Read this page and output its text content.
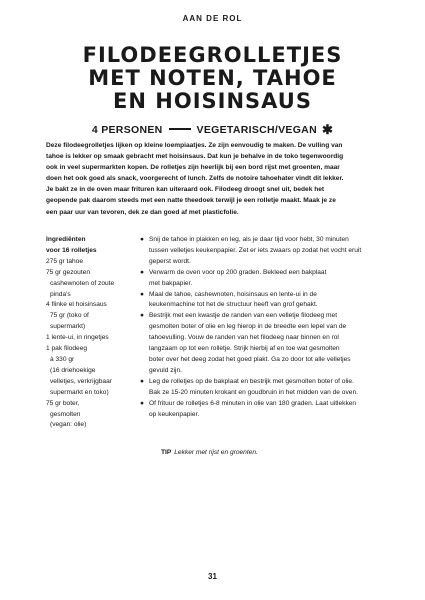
AAN DE ROL
FILODEEGROLLETJES
MET NOTEN, TAHOE
EN HOISINSAUS
4 PERSONEN	VEGETARISCH/VEGAN ✱
Deze filodeegrolletjes lijken op kleine loempiaatjes. Ze zijn eenvoudig te maken. De vulling van
tahoe is lekker op smaak gebracht met hoisinsaus. Dat kun je behalve in de toko tegenwoordig
ook in veel supermarkten kopen. De rolletjes zijn heerlijk bij een bord rijst met groenten, maar
doen het ook goed als snack, voorgerecht of lunch. Zelfs de notoire tahoehater vindt dit lekker.
Je bakt ze in de oven maar frituren kan uiteraard ook. Filodeeg droogt snel uit, bedek het
geopende pak daarom steeds met een natte theedoek terwijl je een rolletje maakt. Maak je ze
een paar uur van tevoren, dek ze dan goed af met plasticfolie.
Ingrediënten
voor 16 rolletjes
275 gr tahoe
75 gr gezouten
cashewnoten of zoute
pinda's
4 flinke el hoisinsaus
75 gr (toko of
supermarkt)
1 lente-ui, in ringetjes
1 pak filodeeg
à 330 gr
(16 driehoekige
velletjes, verkrijgbaar
supermarkt en toko)
75 gr boter,
gesmolten
(vegan: olie)
● Snij de tahoe in plakken en leg, als je daar tijd voor hebt, 30 minuten
tussen velletjes keukenpapier. Zet er iets zwaars op zodat het vocht eruit
geperst wordt.
● Verwarm de oven voor op 200 graden. Bekleed een bakplaat
met bakpapier.
● Maal de tahoe, cashewnoten, hoisinsaus en lente-ui in de
keukenmachine tot het de structuur heeft van grof gehakt.
● Bestrijk met een kwastje de randen van een velletje filodeeg met
gesmolten boter of olie en leg hierop in de breedte een lepel van de
tahoevulling. Vouw de randen van het filodeeg naar binnen en rol
langzaam op tot een rolletje. Strijk hierbij af en toe wat gesmolten
boter over het deeg zodat het goed plakt. Ga zo door tot alle velletjes
gevuld zijn.
● Leg de rolletjes op de bakplaat en bestrijk met gesmolten boter of olie.
Bak ze 15-20 minuten krokant en goudbruin in het midden van de oven.
● Of frituur de rolletjes 6-8 minuten in olie van 180 graden. Laat uitlekken
op keukenpapier.
TIP Lekker met rijst en groenten.
31
